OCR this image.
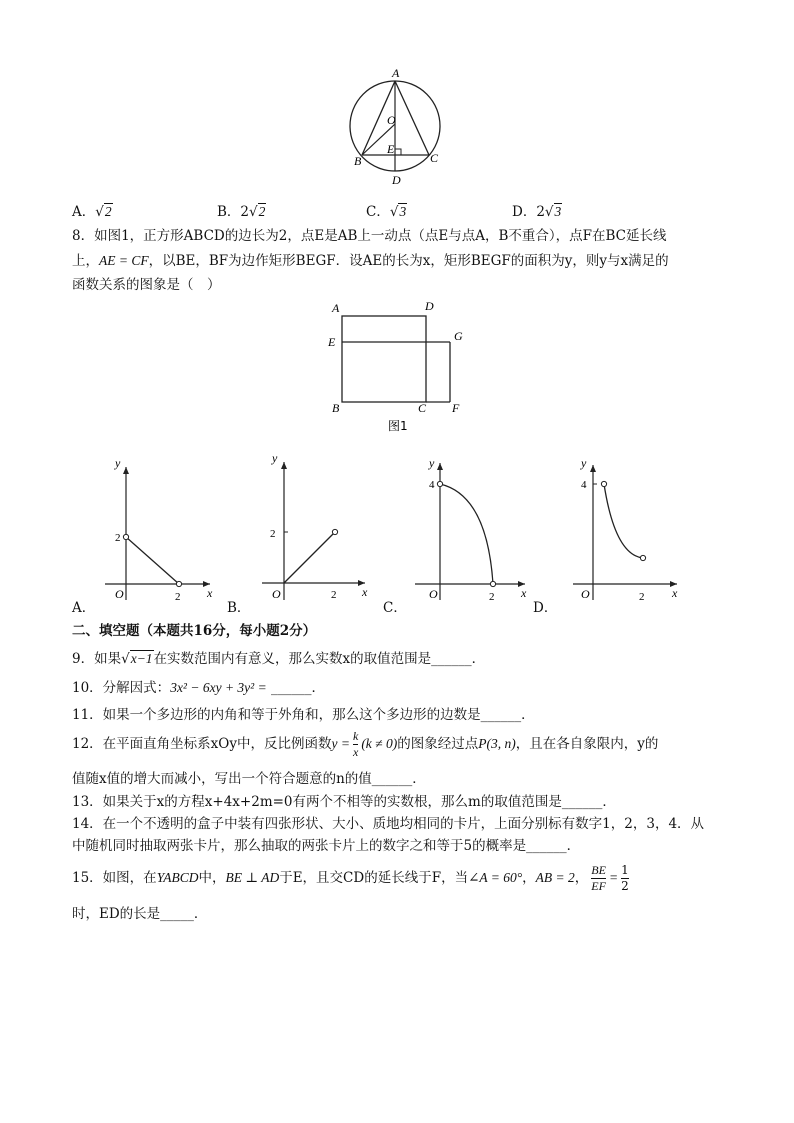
A
O
B
E
C
D
A．√2	B．2√2	C．√3	D．2√3
8．如图1，正方形ABCD的边长为2，点E是AB上一动点（点E与点A，B不重合），点F在BC延长线
上，AE = CF，以BE，BF为边作矩形BEGF．设AE的长为x，矩形BEGF的面积为y，则y与x满足的
函数关系的图象是（　）
A	D
E	G
B	C F
图1
y
x
O
2
2
A．
y
x
O
2
2
B．
y
x
O
4
2
C．
y
x
O
4
2
D．
二、填空题（本题共16分，每小题2分）
9．如果√x−1在实数范围内有意义，那么实数x的取值范围是______．
10．分解因式：3x² − 6xy + 3y² = ______．
11．如果一个多边形的内角和等于外角和，那么这个多边形的边数是______．
12．在平面直角坐标系xOy中，反比例函数$y = \frac{k}{x} (k \ne 0)$的图象经过点P(3, n)，且在各自象限内，y的
值随x值的增大而减小，写出一个符合题意的n的值______．
13．如果关于x的方程x+4x+2m=0有两个不相等的实数根，那么m的取值范围是______．
14．在一个不透明的盒子中装有四张形状、大小、质地均相同的卡片，上面分别标有数字1，2，3，4．从
中随机同时抽取两张卡片，那么抽取的两张卡片上的数字之和等于5的概率是______．
15．如图，在YABCD中，BE ⊥ AD于E，且交CD的延长线于F，当∠A = 60°，AB = 2， $\frac{BE}{EF} = \frac{1}{2}$
时，ED的长是_____．
